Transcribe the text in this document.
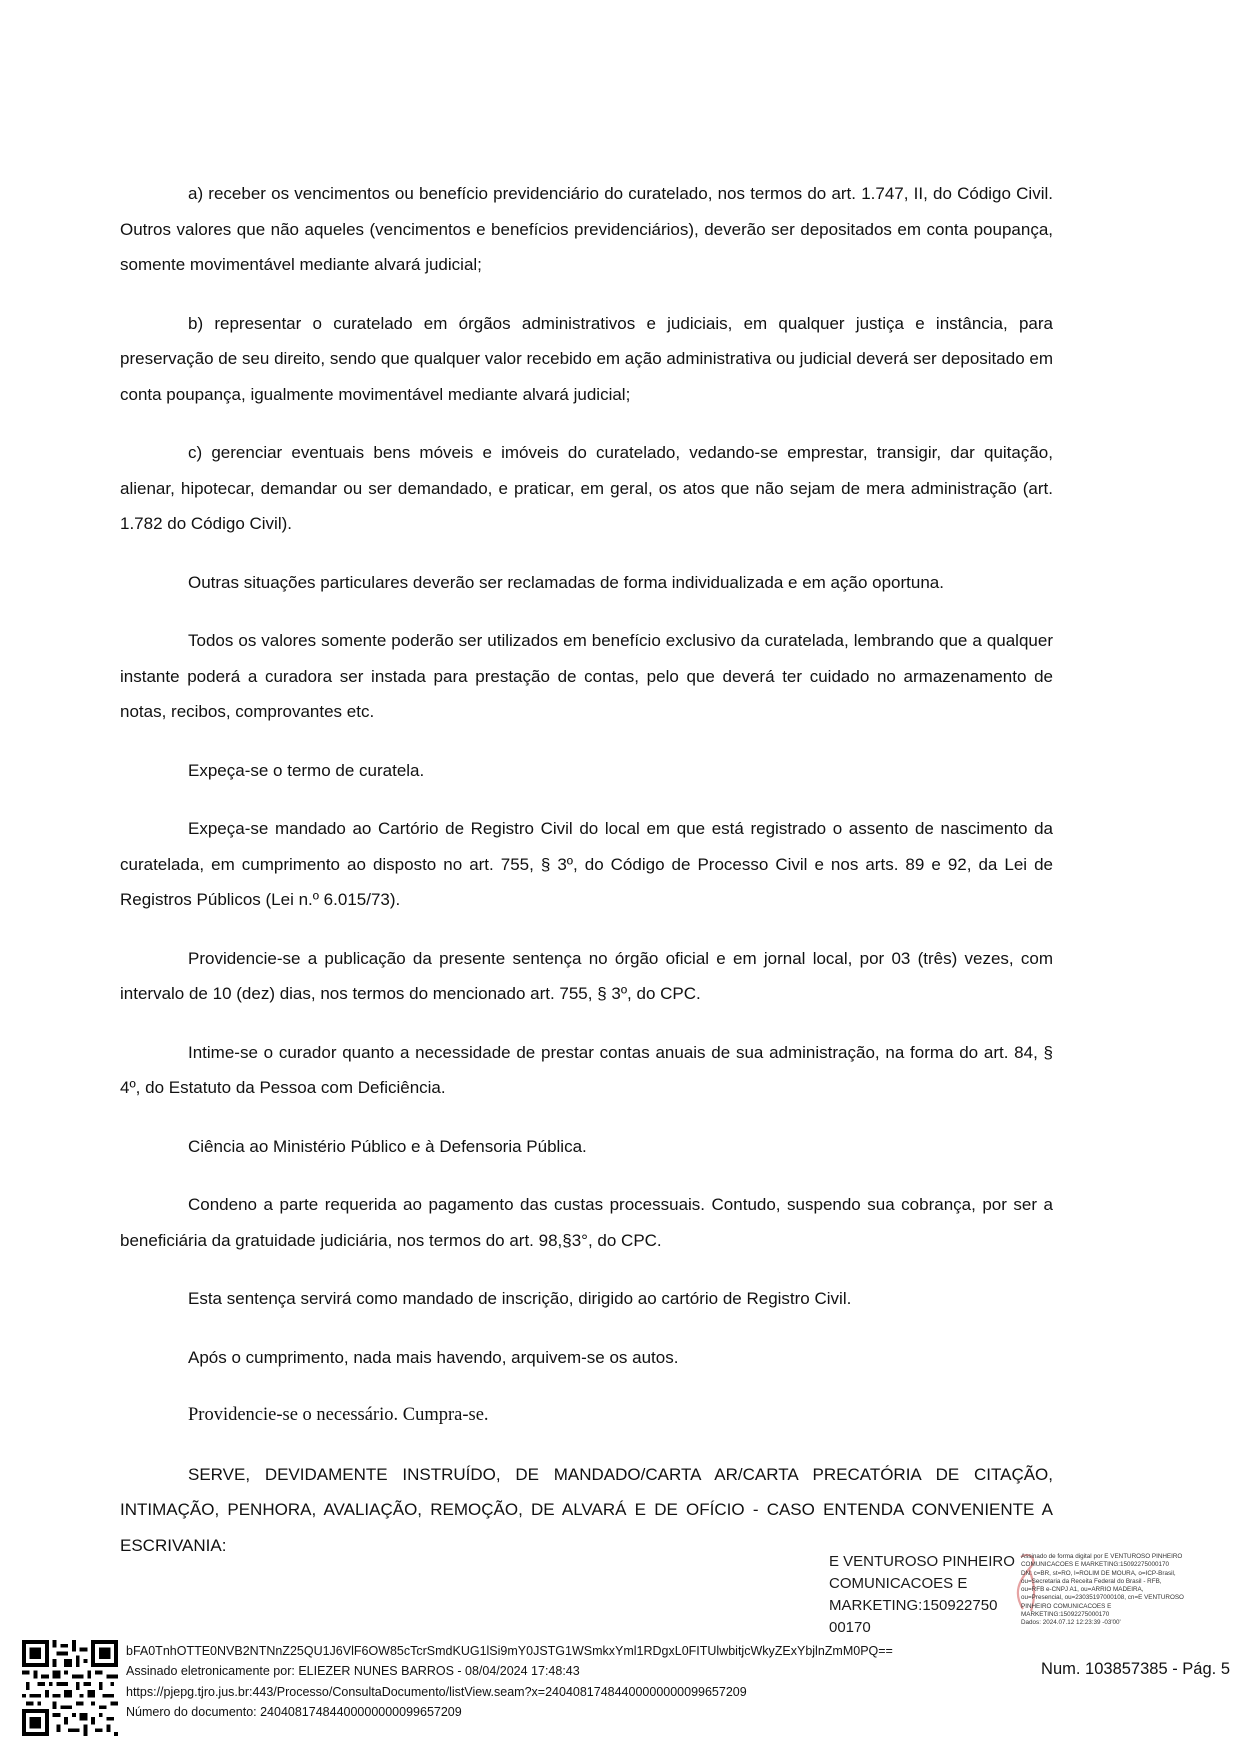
a) receber os vencimentos ou benefício previdenciário do curatelado, nos termos do art. 1.747, II, do Código Civil. Outros valores que não aqueles (vencimentos e benefícios previdenciários), deverão ser depositados em conta poupança, somente movimentável mediante alvará judicial;

b) representar o curatelado em órgãos administrativos e judiciais, em qualquer justiça e instância, para preservação de seu direito, sendo que qualquer valor recebido em ação administrativa ou judicial deverá ser depositado em conta poupança, igualmente movimentável mediante alvará judicial;

c) gerenciar eventuais bens móveis e imóveis do curatelado, vedando-se emprestar, transigir, dar quitação, alienar, hipotecar, demandar ou ser demandado, e praticar, em geral, os atos que não sejam de mera administração (art. 1.782 do Código Civil).

Outras situações particulares deverão ser reclamadas de forma individualizada e em ação oportuna.

Todos os valores somente poderão ser utilizados em benefício exclusivo da curatelada, lembrando que a qualquer instante poderá a curadora ser instada para prestação de contas, pelo que deverá ter cuidado no armazenamento de notas, recibos, comprovantes etc.

Expeça-se o termo de curatela.

Expeça-se mandado ao Cartório de Registro Civil do local em que está registrado o assento de nascimento da curatelada, em cumprimento ao disposto no art. 755, § 3º, do Código de Processo Civil e nos arts. 89 e 92, da Lei de Registros Públicos (Lei n.º 6.015/73).

Providencie-se a publicação da presente sentença no órgão oficial e em jornal local, por 03 (três) vezes, com intervalo de 10 (dez) dias, nos termos do mencionado art. 755, § 3º, do CPC.

Intime-se o curador quanto a necessidade de prestar contas anuais de sua administração, na forma do art. 84, § 4º, do Estatuto da Pessoa com Deficiência.

Ciência ao Ministério Público e à Defensoria Pública.

Condeno a parte requerida ao pagamento das custas processuais. Contudo, suspendo sua cobrança, por ser a beneficiária da gratuidade judiciária, nos termos do art. 98,§3°, do CPC.

Esta sentença servirá como mandado de inscrição, dirigido ao cartório de Registro Civil.

Após o cumprimento, nada mais havendo, arquivem-se os autos.

Providencie-se o necessário. Cumpra-se.

SERVE, DEVIDAMENTE INSTRUÍDO, DE MANDADO/CARTA AR/CARTA PRECATÓRIA DE CITAÇÃO, INTIMAÇÃO, PENHORA, AVALIAÇÃO, REMOÇÃO, DE ALVARÁ E DE OFÍCIO - CASO ENTENDA CONVENIENTE A ESCRIVANIA:

E VENTUROSO PINHEIRO
COMUNICACOES E
MARKETING:150922750
00170
Assinado de forma digital por E VENTUROSO PINHEIRO
COMUNICACOES E MARKETING:15092275000170
DN: c=BR, st=RO, l=ROLIM DE MOURA, o=ICP-Brasil,
ou=Secretaria da Receita Federal do Brasil - RFB,
ou=RFB e-CNPJ A1, ou=ARRIO MADEIRA,
ou=Presencial, ou=23035197000108, cn=E VENTUROSO
PINHEIRO COMUNICACOES E
MARKETING:15092275000170
Dados: 2024.07.12 12:23:39 -03'00'
bFA0TnhOTTE0NVB2NTNnZ25QU1J6VlF6OW85cTcrSmdKUG1lSi9mY0JSTG1WSmkxYml1RDgxL0FITUlwbitjcWkyZExYbjlnZmM0PQ==
Assinado eletronicamente por: ELIEZER NUNES BARROS - 08/04/2024 17:48:43
https://pjepg.tjro.jus.br:443/Processo/ConsultaDocumento/listView.seam?x=24040817484400000000099657209
Número do documento: 24040817484400000000099657209
Num. 103857385 - Pág. 5
